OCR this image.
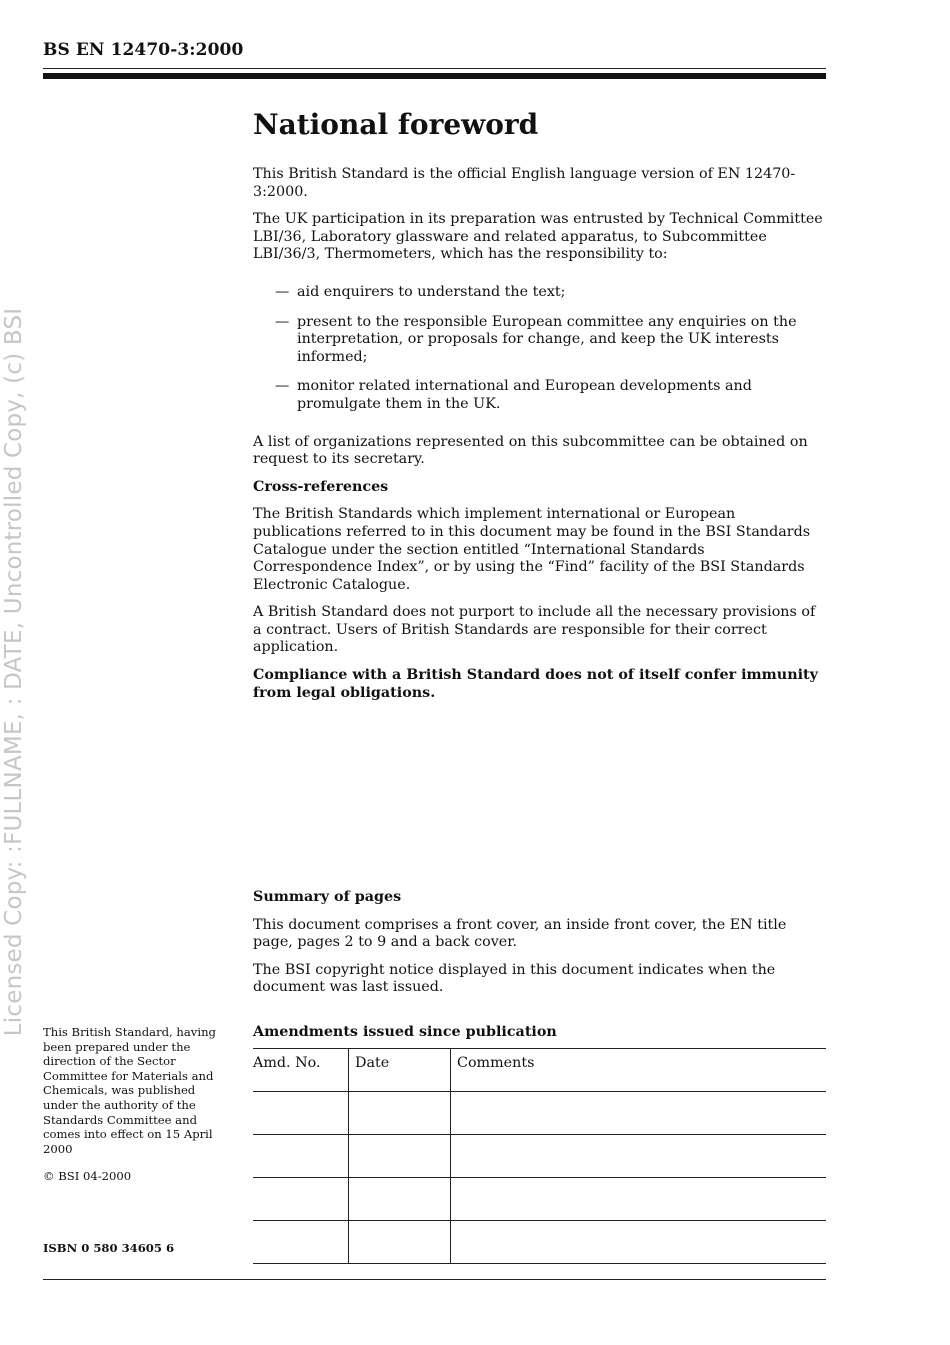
BS EN 12470-3:2000
Licensed Copy: :FULLNAME, : DATE, Uncontrolled Copy, (c) BSI
National foreword

This British Standard is the official English language version of EN 12470-3:2000.

The UK participation in its preparation was entrusted by Technical Committee LBI/36, Laboratory glassware and related apparatus, to Subcommittee LBI/36/3, Thermometers, which has the responsibility to:

— aid enquirers to understand the text;
— present to the responsible European committee any enquiries on the interpretation, or proposals for change, and keep the UK interests informed;
— monitor related international and European developments and promulgate them in the UK.

A list of organizations represented on this subcommittee can be obtained on request to its secretary.

Cross-references

The British Standards which implement international or European publications referred to in this document may be found in the BSI Standards Catalogue under the section entitled “International Standards Correspondence Index”, or by using the “Find” facility of the BSI Standards Electronic Catalogue.

A British Standard does not purport to include all the necessary provisions of a contract. Users of British Standards are responsible for their correct application.

Compliance with a British Standard does not of itself confer immunity from legal obligations.

Summary of pages

This document comprises a front cover, an inside front cover, the EN title page, pages 2 to 9 and a back cover.

The BSI copyright notice displayed in this document indicates when the document was last issued.

This British Standard, having been prepared under the direction of the Sector Committee for Materials and Chemicals, was published under the authority of the Standards Committee and comes into effect on 15 April 2000
© BSI 04-2000
ISBN 0 580 34605 6
Amendments issued since publication
Amd. No.	Date	Comments
